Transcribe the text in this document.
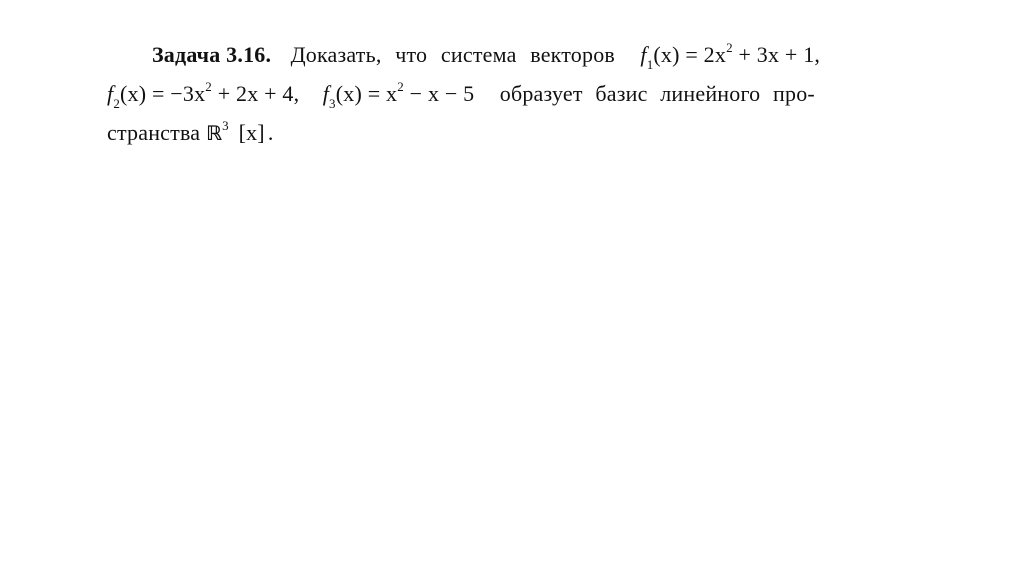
Задача 3.16. Доказать, что система векторов $f_1(x) = 2x^2 + 3x + 1$,
$f_2(x) = -3x^2 + 2x + 4$, $f_3(x) = x^2 - x - 5$ образует базис линейного про-
странства ℝ$^3$ [x] .
